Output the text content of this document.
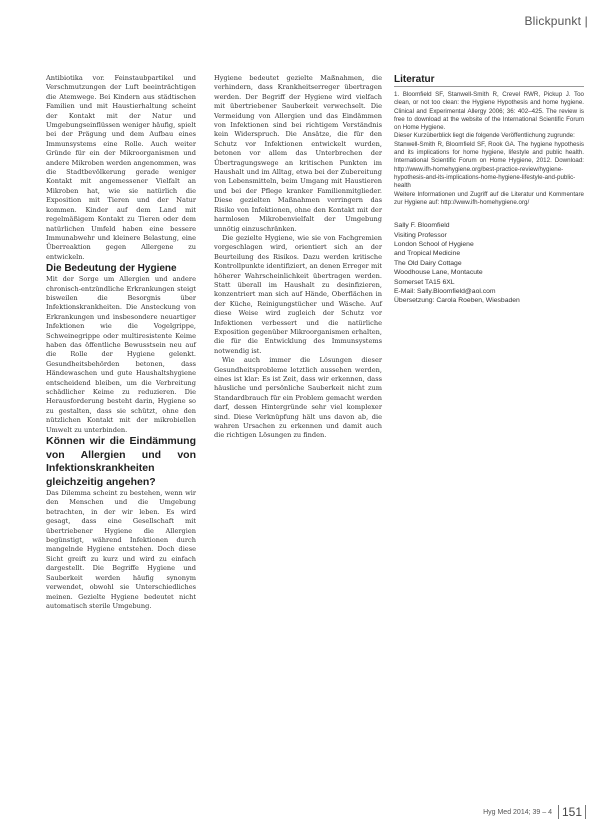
Blickpunkt |

Antibiotika vor. Feinstaubpartikel und Verschmutzungen der Luft beeinträchtigen die Atemwege. Bei Kindern aus städtischen Familien und mit Haustierhaltung scheint der Kontakt mit der Natur und Umgebungseinflüssen weniger häufig, spielt bei der Prägung und dem Aufbau eines Immunsystems eine Rolle. Auch weiter Gründe für ein der Mikroorganismen und andere Mikroben werden angenommen, was die Stadtbevölkerung gerade weniger Kontakt mit angemessener Vielfalt an Mikroben hat, wie sie natürlich die Exposition mit Tieren und der Natur kommen. Kinder auf dem Land mit regelmäßigem Kontakt zu Tieren oder dem natürlichen Umfeld haben eine bessere Immunabwehr und kleinere Belastung, eine Überreaktion gegen Allergene zu entwickeln.

Die Bedeutung der Hygiene

Mit der Sorge um Allergien und andere chronisch-entzündliche Erkrankungen steigt bisweilen die Besorgnis über Infektionskrankheiten. Die Ansteckung von Erkrankungen und insbesondere neuartiger Infektionen wie die Vogelgrippe, Schweinegrippe oder multiresistente Keime haben das öffentliche Bewusstsein neu auf die Rolle der Hygiene gelenkt. Gesundheitsbehörden betonen, dass Händewaschen und gute Haushaltshygiene entscheidend bleiben, um die Verbreitung schädlicher Keime zu reduzieren. Die Herausforderung besteht darin, Hygiene so zu gestalten, dass sie schützt, ohne den nützlichen Kontakt mit der mikrobiellen Umwelt zu unterbinden.

Können wir die Eindämmung von Allergien und von Infektionskrankheiten gleichzeitig angehen?

Das Dilemma scheint zu bestehen, wenn wir den Menschen und die Umgebung betrachten, in der wir leben. Es wird gesagt, dass eine Gesellschaft mit übertriebener Hygiene die Allergien begünstigt, während Infektionen durch mangelnde Hygiene entstehen. Doch diese Sicht greift zu kurz und wird zu einfach dargestellt. Die Begriffe Hygiene und Sauberkeit werden häufig synonym verwendet, obwohl sie Unterschiedliches meinen. Gezielte Hygiene bedeutet nicht automatisch sterile Umgebung.

Hygiene bedeutet gezielte Maßnahmen, die verhindern, dass Krankheitserreger übertragen werden. Der Begriff der Hygiene wird vielfach mit übertriebener Sauberkeit verwechselt. Die Vermeidung von Allergien und das Eindämmen von Infektionen sind bei richtigem Verständnis kein Widerspruch. Die Ansätze, die für den Schutz vor Infektionen entwickelt wurden, betonen vor allem das Unterbrechen der Übertragungswege an kritischen Punkten im Haushalt und im Alltag, etwa bei der Zubereitung von Lebensmitteln, beim Umgang mit Haustieren und bei der Pflege kranker Familienmitglieder. Diese gezielten Maßnahmen verringern das Risiko von Infektionen, ohne den Kontakt mit der harmlosen Mikrobenvielfalt der Umgebung unnötig einzuschränken.

Die gezielte Hygiene, wie sie von Fachgremien vorgeschlagen wird, orientiert sich an der Beurteilung des Risikos. Dazu werden kritische Kontrollpunkte identifiziert, an denen Erreger mit höherer Wahrscheinlichkeit übertragen werden. Statt überall im Haushalt zu desinfizieren, konzentriert man sich auf Hände, Oberflächen in der Küche, Reinigungstücher und Wäsche. Auf diese Weise wird zugleich der Schutz vor Infektionen verbessert und die natürliche Exposition gegenüber Mikroorganismen erhalten, die für die Entwicklung des Immunsystems notwendig ist.

Wie auch immer die Lösungen dieser Gesundheitsprobleme letztlich aussehen werden, eines ist klar: Es ist Zeit, dass wir erkennen, dass häusliche und persönliche Sauberkeit nicht zum Standardbrauch für ein Problem gemacht werden darf, dessen Hintergründe sehr viel komplexer sind. Diese Verknüpfung hält uns davon ab, die wahren Ursachen zu erkennen und damit auch die richtigen Lösungen zu finden.

Literatur

1. Bloomfield SF, Stanwell-Smith R, Crevel RWR, Pickup J. Too clean, or not too clean: the Hygiene Hypothesis and home hygiene. Clinical and Experimental Allergy 2006; 36: 402–425. The review is free to download at the website of the International Scientific Forum on Home Hygiene.

Dieser Kurzüberblick liegt die folgende Veröffentlichung zugrunde:

Stanwell-Smith R, Bloomfield SF, Rook GA. The hygiene hypothesis and its implications for home hygiene, lifestyle and public health. International Scientific Forum on Home Hygiene, 2012. Download: http://www.ifh-homehygiene.org/best-practice-review/hygiene-hypothesis-and-its-implications-home-hygiene-lifestyle-and-public-health

Weitere Informationen und Zugriff auf die Literatur und Kommentare zur Hygiene auf: http://www.ifh-homehygiene.org/

Sally F. Bloomfield
Visiting Professor
London School of Hygiene
and Tropical Medicine
The Old Dairy Cottage
Woodhouse Lane, Montacute
Somerset TA15 6XL
E-Mail: Sally.Bloomfield@aol.com

Übersetzung: Carola Roeben, Wiesbaden

Hyg Med 2014; 39 – 4 151
